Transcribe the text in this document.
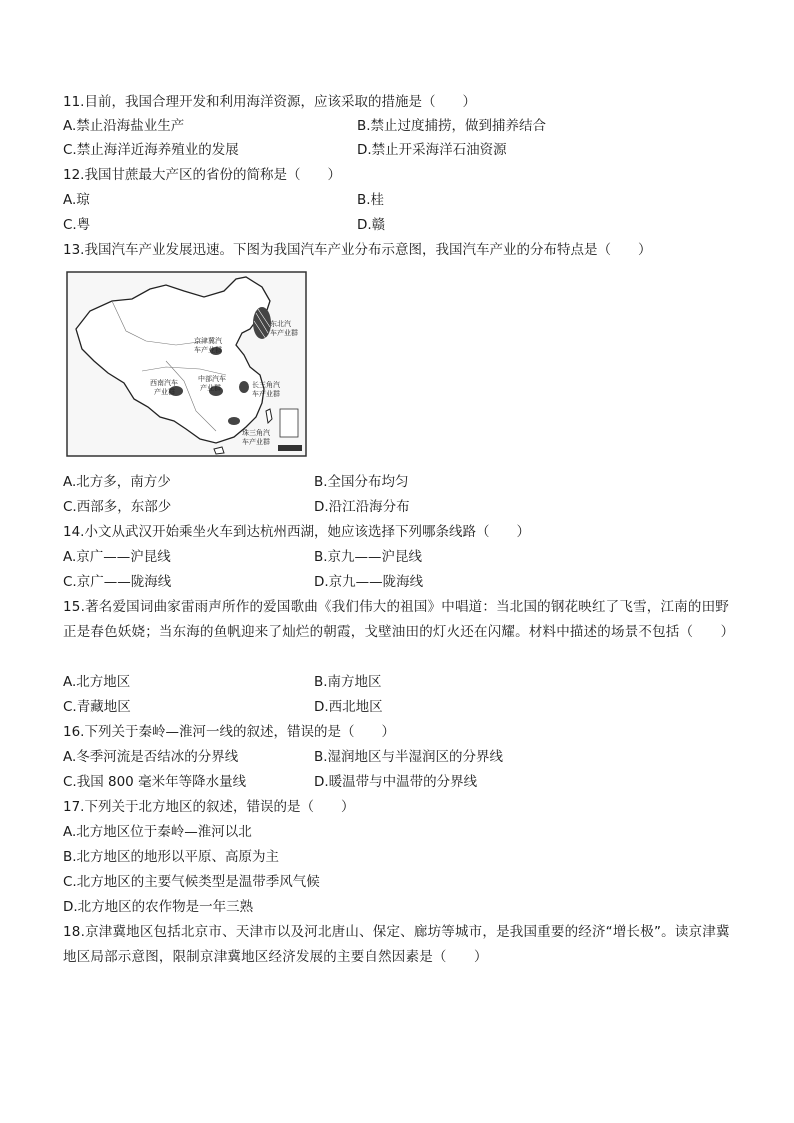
11.目前，我国合理开发和利用海洋资源，应该采取的措施是（　　）
A.禁止沿海盐业生产	B.禁止过度捕捞，做到捕养结合
C.禁止海洋近海养殖业的发展	D.禁止开采海洋石油资源
12.我国甘蔗最大产区的省份的简称是（　　）
A.琼	B.桂
C.粤	D.赣
13.我国汽车产业发展迅速。下图为我国汽车产业分布示意图，我国汽车产业的分布特点是（　　）
东北汽
车产业群
京津冀汽
车产业群
西南汽车
产业群
中部汽车
产业群	长三角汽
车产业群
珠三角汽
车产业群
A.北方多，南方少	B.全国分布均匀
C.西部多，东部少	D.沿江沿海分布
14.小文从武汉开始乘坐火车到达杭州西湖，她应该选择下列哪条线路（　　）
A.京广——沪昆线	B.京九——沪昆线
C.京广——陇海线	D.京九——陇海线
15.著名爱国词曲家雷雨声所作的爱国歌曲《我们伟大的祖国》中唱道：当北国的钢花映红了飞雪，江南的田野正是春色妖娆；当东海的鱼帆迎来了灿烂的朝霞，戈壁油田的灯火还在闪耀。材料中描述的场景不包括（　　）
A.北方地区	B.南方地区
C.青藏地区	D.西北地区
16.下列关于秦岭—淮河一线的叙述，错误的是（　　）
A.冬季河流是否结冰的分界线	B.湿润地区与半湿润区的分界线
C.我国 800 毫米年等降水量线	D.暖温带与中温带的分界线
17.下列关于北方地区的叙述，错误的是（　　）
A.北方地区位于秦岭—淮河以北
B.北方地区的地形以平原、高原为主
C.北方地区的主要气候类型是温带季风气候
D.北方地区的农作物是一年三熟
18.京津冀地区包括北京市、天津市以及河北唐山、保定、廊坊等城市，是我国重要的经济“增长极”。读京津冀地区局部示意图，限制京津冀地区经济发展的主要自然因素是（　　）
